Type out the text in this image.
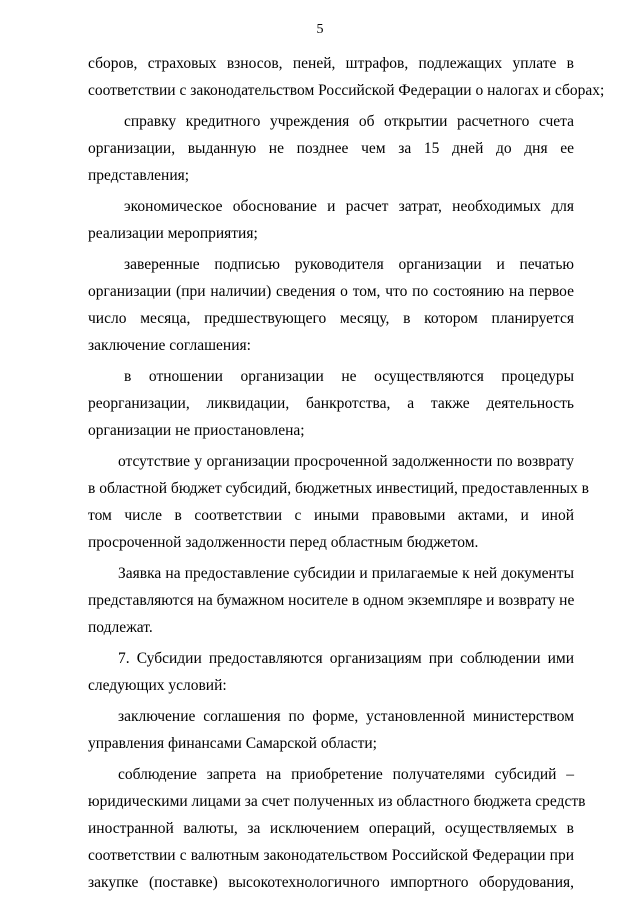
5
сборов, страховых взносов, пеней, штрафов, подлежащих уплате в
соответствии с законодательством Российской Федерации о налогах и сборах;
справку кредитного учреждения об открытии расчетного счета
организации, выданную не позднее чем за 15 дней до дня ее
представления;
экономическое обоснование и расчет затрат, необходимых для
реализации мероприятия;
заверенные подписью руководителя организации и печатью
организации (при наличии) сведения о том, что по состоянию на первое
число месяца, предшествующего месяцу, в котором планируется
заключение соглашения:
в отношении организации не осуществляются процедуры
реорганизации, ликвидации, банкротства, а также деятельность
организации не приостановлена;
отсутствие у организации просроченной задолженности по возврату
в областной бюджет субсидий, бюджетных инвестиций, предоставленных в
том числе в соответствии с иными правовыми актами, и иной
просроченной задолженности перед областным бюджетом.
Заявка на предоставление субсидии и прилагаемые к ней документы
представляются на бумажном носителе в одном экземпляре и возврату не
подлежат.
7. Субсидии предоставляются организациям при соблюдении ими
следующих условий:
заключение соглашения по форме, установленной министерством
управления финансами Самарской области;
соблюдение запрета на приобретение получателями субсидий –
юридическими лицами за счет полученных из областного бюджета средств
иностранной валюты, за исключением операций, осуществляемых в
соответствии с валютным законодательством Российской Федерации при
закупке (поставке) высокотехнологичного импортного оборудования,
